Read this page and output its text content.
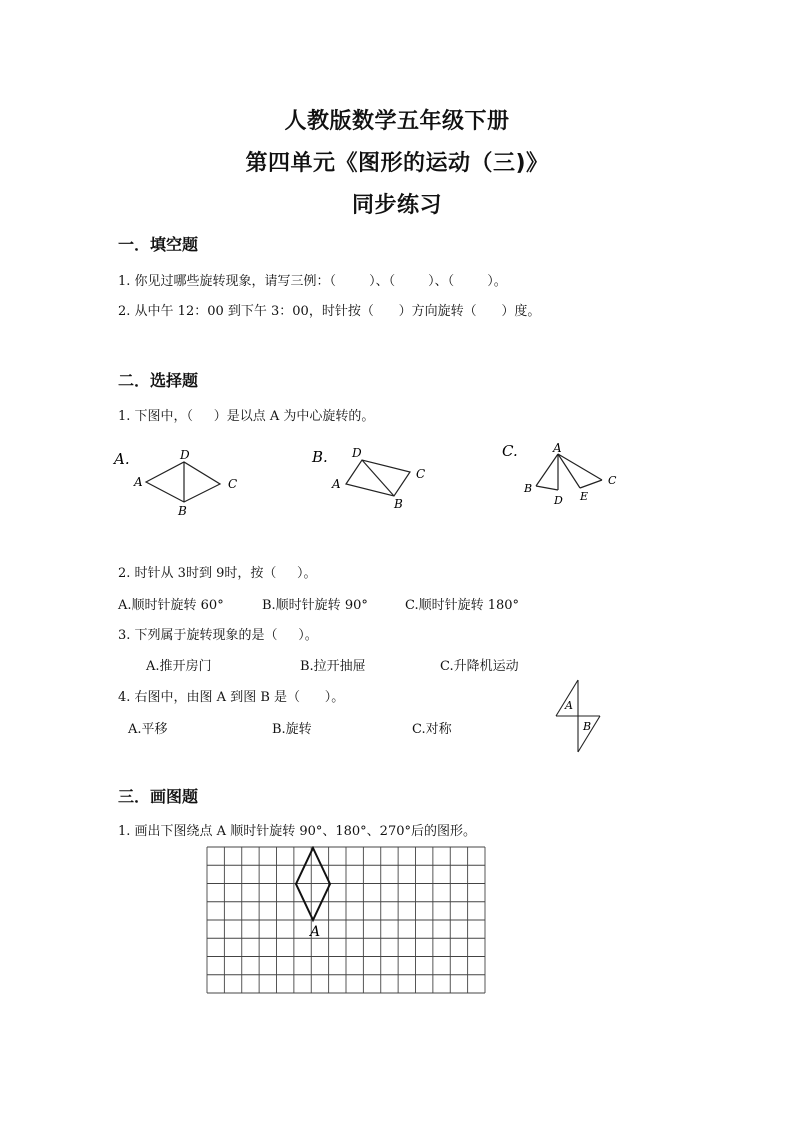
人教版数学五年级下册
第四单元《图形的运动（三)》
同步练习
一．填空题
1. 你见过哪些旋转现象，请写三例：（        ）、（        ）、（        ）。
2. 从中午 12：00 到下午 3：00，时针按（      ）方向旋转（      ）度。
二．选择题
1. 下图中，（     ）是以点 A 为中心旋转的。
A.
A
D
C
B
B.
A
D
C
B
C.	A
B
D E
C
2. 时针从 3时到 9时，按（     ）。
A.顺时针旋转 60°	B.顺时针旋转 90°	C.顺时针旋转 180°
3. 下列属于旋转现象的是（     ）。
A.推开房门	B.拉开抽屉	C.升降机运动
4. 右图中，由图 A 到图 B 是（      ）。
A.平移	B.旋转	C.对称
A
B
三．画图题
1. 画出下图绕点 A 顺时针旋转 90°、180°、270°后的图形。
A
